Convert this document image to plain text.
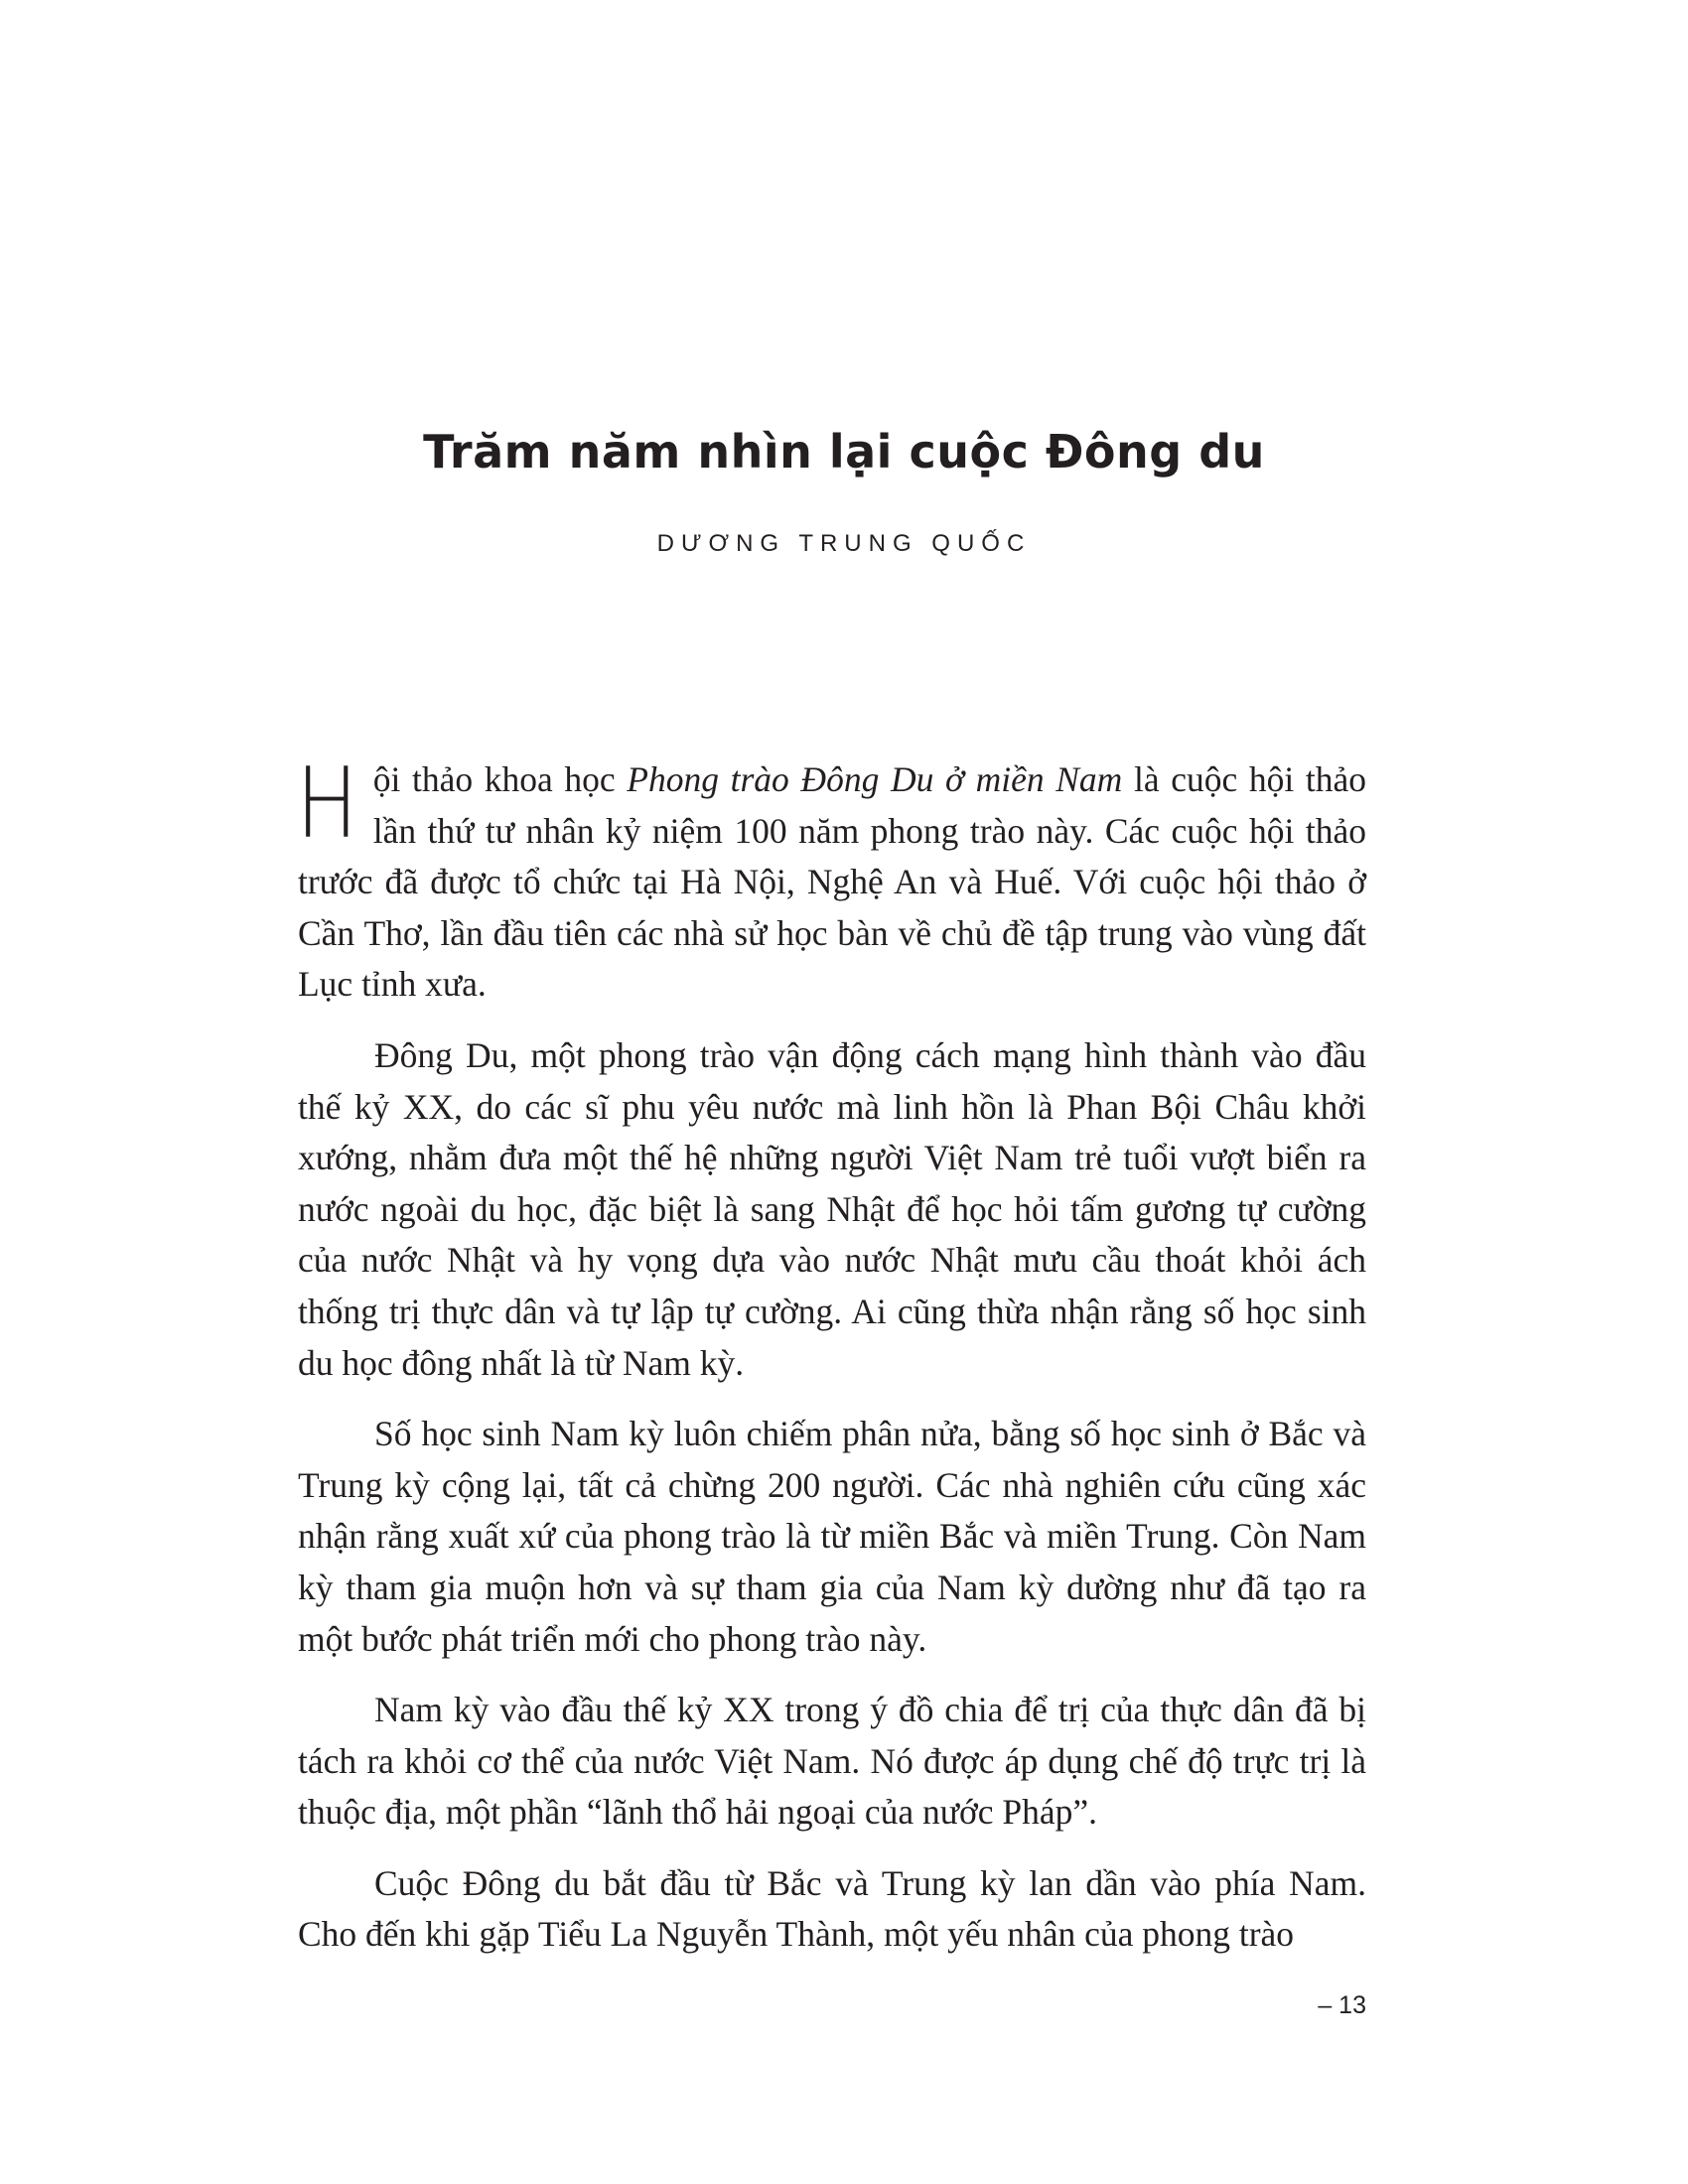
Trăm năm nhìn lại cuộc Đông du
DƯƠNG TRUNG QUỐC

Hội thảo khoa học Phong trào Đông Du ở miền Nam là cuộc hội thảo lần thứ tư nhân kỷ niệm 100 năm phong trào này. Các cuộc hội thảo trước đã được tổ chức tại Hà Nội, Nghệ An và Huế. Với cuộc hội thảo ở Cần Thơ, lần đầu tiên các nhà sử học bàn về chủ đề tập trung vào vùng đất Lục tỉnh xưa.

Đông Du, một phong trào vận động cách mạng hình thành vào đầu thế kỷ XX, do các sĩ phu yêu nước mà linh hồn là Phan Bội Châu khởi xướng, nhằm đưa một thế hệ những người Việt Nam trẻ tuổi vượt biển ra nước ngoài du học, đặc biệt là sang Nhật để học hỏi tấm gương tự cường của nước Nhật và hy vọng dựa vào nước Nhật mưu cầu thoát khỏi ách thống trị thực dân và tự lập tự cường. Ai cũng thừa nhận rằng số học sinh du học đông nhất là từ Nam kỳ.

Số học sinh Nam kỳ luôn chiếm phân nửa, bằng số học sinh ở Bắc và Trung kỳ cộng lại, tất cả chừng 200 người. Các nhà nghiên cứu cũng xác nhận rằng xuất xứ của phong trào là từ miền Bắc và miền Trung. Còn Nam kỳ tham gia muộn hơn và sự tham gia của Nam kỳ dường như đã tạo ra một bước phát triển mới cho phong trào này.

Nam kỳ vào đầu thế kỷ XX trong ý đồ chia để trị của thực dân đã bị tách ra khỏi cơ thể của nước Việt Nam. Nó được áp dụng chế độ trực trị là thuộc địa, một phần “lãnh thổ hải ngoại của nước Pháp”.

Cuộc Đông du bắt đầu từ Bắc và Trung kỳ lan dần vào phía Nam. Cho đến khi gặp Tiểu La Nguyễn Thành, một yếu nhân của phong trào

– 13
